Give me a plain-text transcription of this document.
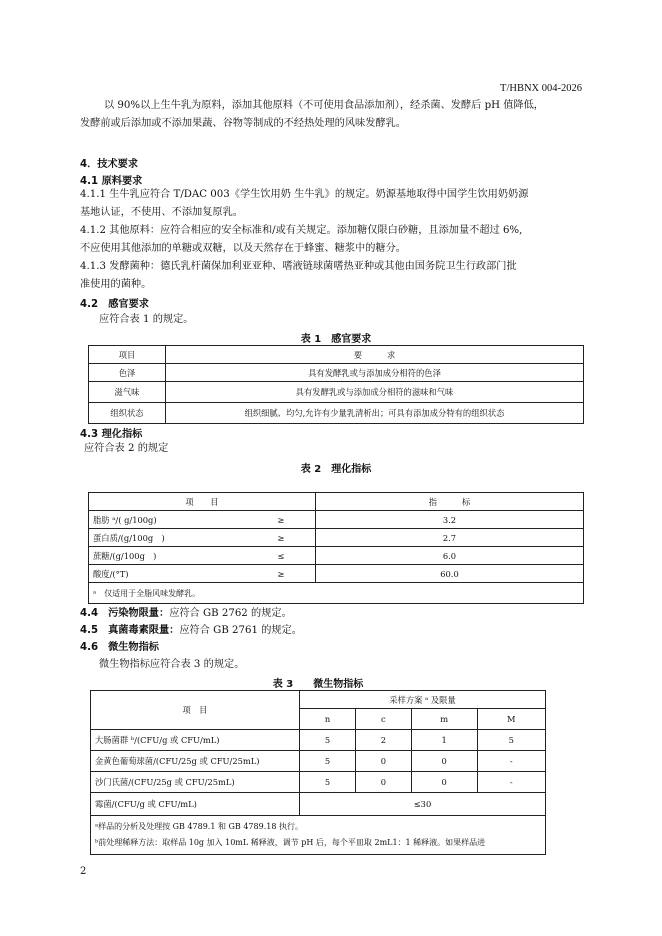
T/HBNX 004-2026
以 90%以上生牛乳为原料，添加其他原料（不可使用食品添加剂），经杀菌、发酵后 pH 值降低，
发酵前或后添加或不添加果蔬、谷物等制成的不经热处理的风味发酵乳。
4．技术要求
4.1 原料要求
4.1.1 生牛乳应符合 T/DAC 003《学生饮用奶 生牛乳》的规定。奶源基地取得中国学生饮用奶奶源
基地认证，不使用、不添加复原乳。
4.1.2 其他原料：应符合相应的安全标准和/或有关规定。添加糖仅限白砂糖，且添加量不超过 6%,
不应使用其他添加的单糖或双糖，以及天然存在于蜂蜜、糖浆中的糖分。
4.1.3 发酵菌种：德氏乳杆菌保加利亚亚种、嗜液链球菌嗜热亚种或其他由国务院卫生行政部门批
准使用的菌种。
4.2　感官要求
应符合表 1 的规定。
表 1　感官要求
项目	要　　　求
色泽	具有发酵乳或与添加成分相符的色泽
滋气味	具有发酵乳或与添加成分相符的滋味和气味
组织状态	组织细腻、均匀,允许有少量乳清析出；可具有添加成分特有的组织状态
4.3 理化指标
应符合表 2 的规定
表 2　理化指标
项　　目		指　　　标
脂肪 ᵃ/( g/100g)	≥	3.2
蛋白质/(g/100g　)	≥	2.7
蔗糖/(g/100g　)	≤	6.0
酸度/(°T)	≥	60.0
ᵃ　仅适用于全脂风味发酵乳。		
4.4 污染物限量：应符合 GB 2762 的规定。
4.5 真菌毒素限量：应符合 GB 2761 的规定。
4.6 微生物指标
微生物指标应符合表 3 的规定。
表 3　　微生物指标
项　目	采样方案 ᵃ 及限量			
	n	c	m	M
大肠菌群 ᵇ/(CFU/g 或 CFU/mL)	5	2	1	5
金黄色葡萄球菌/(CFU/25g 或 CFU/25mL)	5	0	0	-
沙门氏菌/(CFU/25g 或 CFU/25mL)	5	0	0	-
霉菌/(CFU/g 或 CFU/mL)	≤30			

ᵃ样品的分析及处理按 GB 4789.1 和 GB 4789.18 执行。
ᵇ前处理稀释方法：取样品 10g 加入 10mL 稀释液，调节 pH 后，每个平皿取 2mL1：1 稀释液。如果样品进				
2
